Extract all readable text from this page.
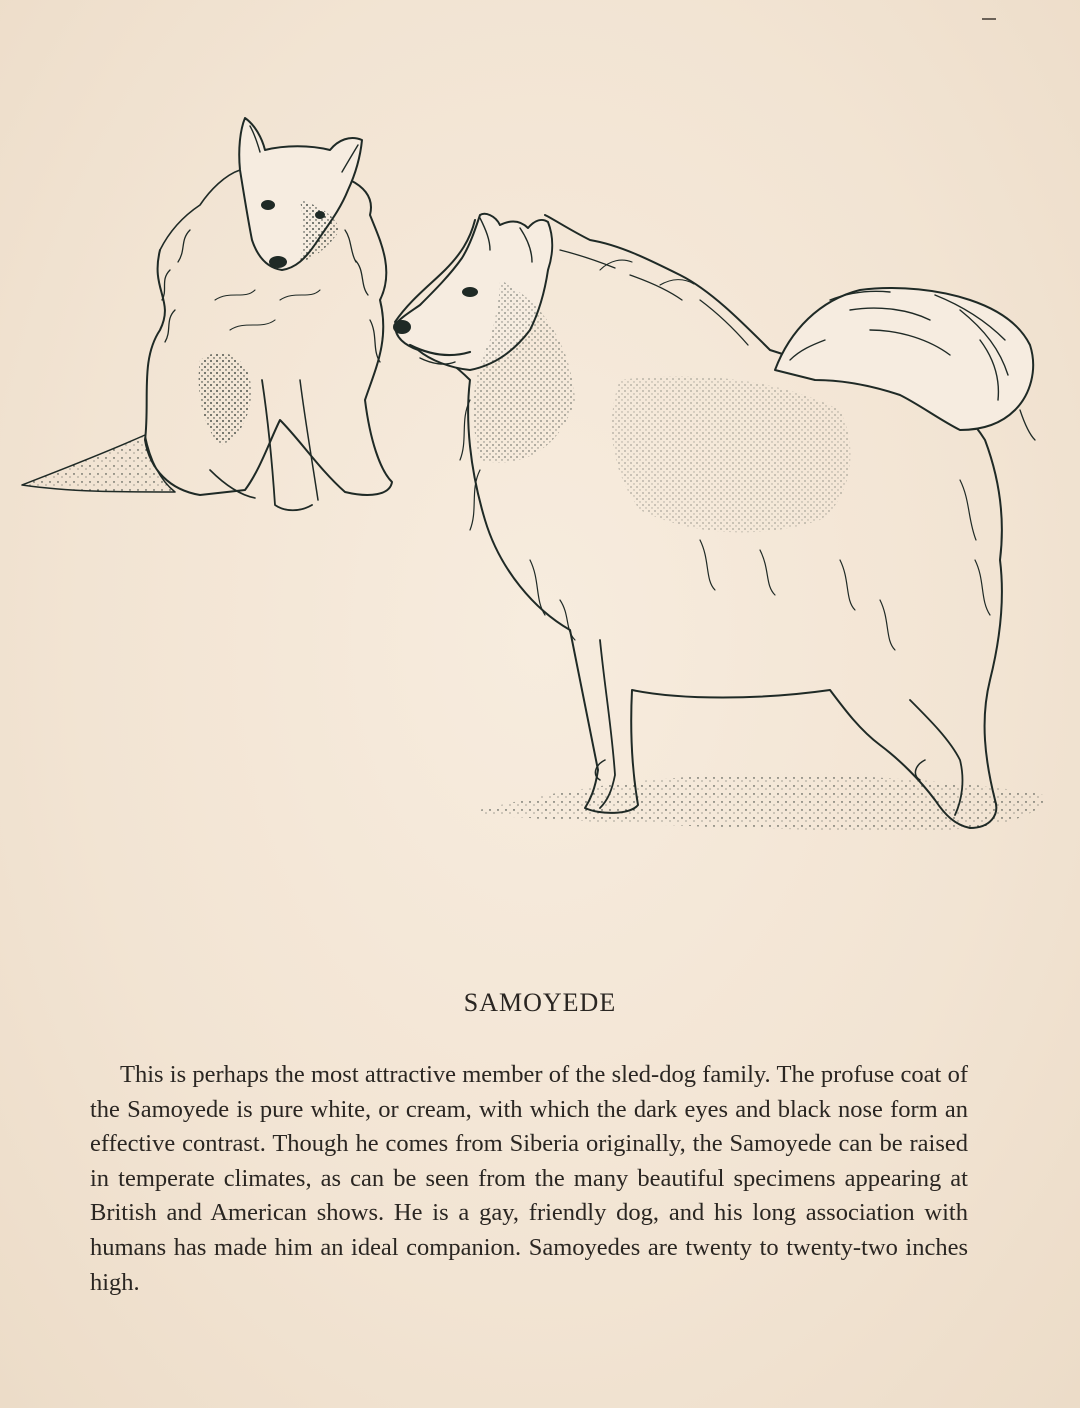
SAMOYEDE

This is perhaps the most attractive member of the sled-dog family. The profuse coat of the Samoyede is pure white, or cream, with which the dark eyes and black nose form an effective contrast. Though he comes from Siberia originally, the Samoyede can be raised in temperate climates, as can be seen from the many beautiful specimens appearing at British and American shows. He is a gay, friendly dog, and his long association with humans has made him an ideal companion. Samoyedes are twenty to twenty-two inches high.
